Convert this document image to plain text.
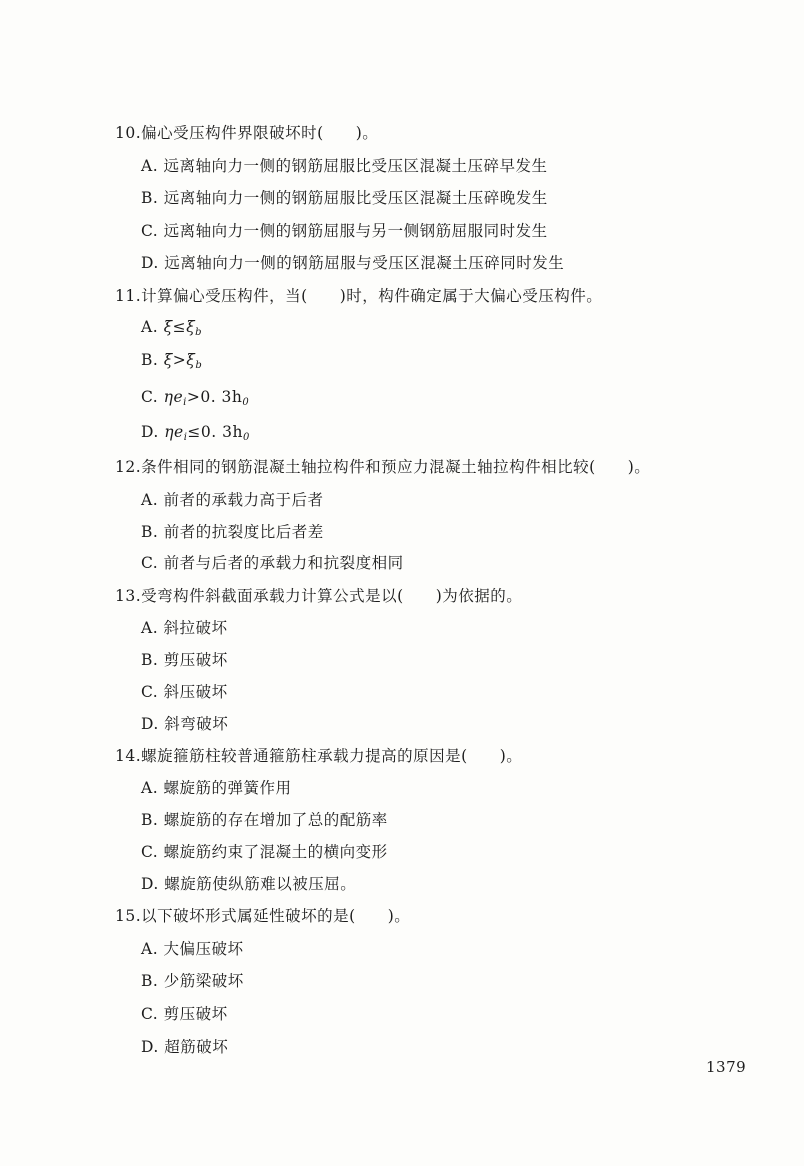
10.偏心受压构件界限破坏时(　　)。
A. 远离轴向力一侧的钢筋屈服比受压区混凝土压碎早发生
B. 远离轴向力一侧的钢筋屈服比受压区混凝土压碎晚发生
C. 远离轴向力一侧的钢筋屈服与另一侧钢筋屈服同时发生
D. 远离轴向力一侧的钢筋屈服与受压区混凝土压碎同时发生
11.计算偏心受压构件，当(　　)时，构件确定属于大偏心受压构件。
A. $\xi\le\xi_b$
B. $\xi>\xi_b$
C. $\eta e_i>0$. $3h_0$
D. $\eta e_i\le 0$. $3h_0$
12.条件相同的钢筋混凝土轴拉构件和预应力混凝土轴拉构件相比较(　　)。
A. 前者的承载力高于后者
B. 前者的抗裂度比后者差
C. 前者与后者的承载力和抗裂度相同
13.受弯构件斜截面承载力计算公式是以(　　)为依据的。
A. 斜拉破坏
B. 剪压破坏
C. 斜压破坏
D. 斜弯破坏
14.螺旋箍筋柱较普通箍筋柱承载力提高的原因是(　　)。
A. 螺旋筋的弹簧作用
B. 螺旋筋的存在增加了总的配筋率
C. 螺旋筋约束了混凝土的横向变形
D. 螺旋筋使纵筋难以被压屈。
15.以下破坏形式属延性破坏的是(　　)。
A. 大偏压破坏
B. 少筋梁破坏
C. 剪压破坏
D. 超筋破坏
1379
